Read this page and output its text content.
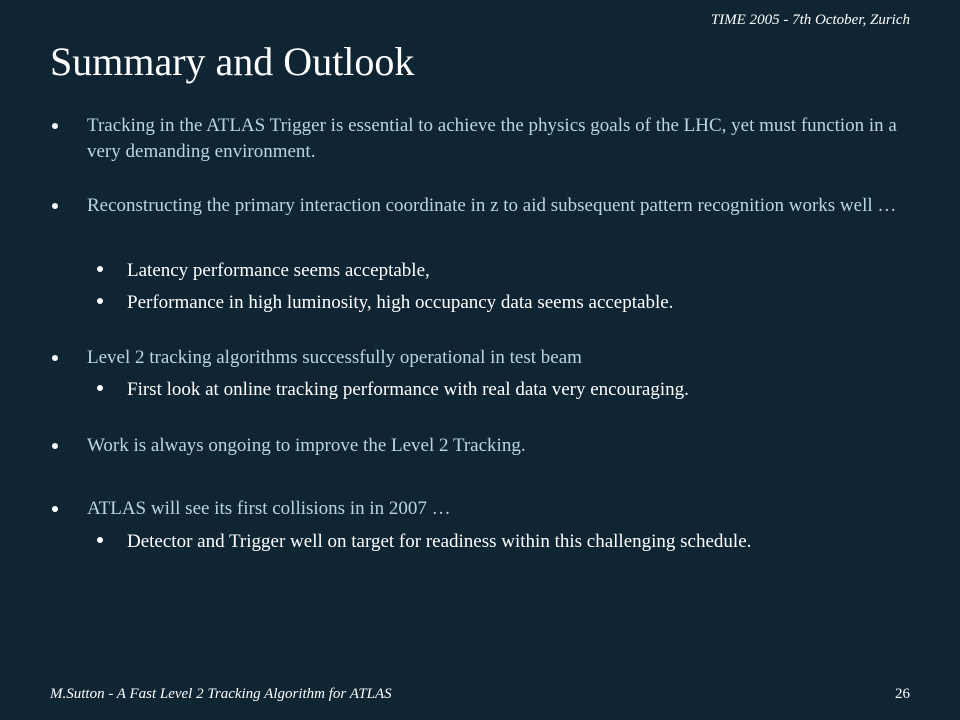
TIME 2005 - 7th October, Zurich
Summary and Outlook
Tracking in the ATLAS Trigger is essential to achieve the physics goals of the LHC, yet must function in a very demanding environment.
Reconstructing the primary interaction coordinate in z to aid subsequent pattern recognition works well …
Latency performance seems acceptable,
Performance in high luminosity, high occupancy data seems acceptable.
Level 2 tracking algorithms successfully operational in test beam
First look at online tracking performance with real data very encouraging.
Work is always ongoing to improve the Level 2 Tracking.
ATLAS will see its first collisions in in 2007 …
Detector and Trigger well on target for readiness within this challenging schedule.
M.Sutton - A Fast Level 2 Tracking Algorithm for ATLAS	26
